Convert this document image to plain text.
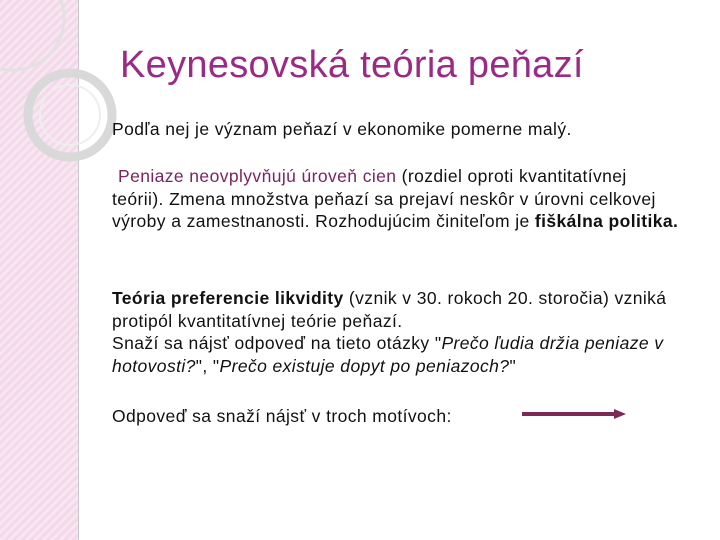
Keynesovská teória peňazí
Podľa nej je význam peňazí v ekonomike pomerne malý.
Peniaze neovplyvňujú úroveň cien (rozdiel oproti kvantitatívnej teórii). Zmena množstva peňazí sa prejaví neskôr v úrovni celkovej výroby a zamestnanosti. Rozhodujúcim činiteľom je fiškálna politika.
Teória preferencie likvidity (vznik v 30. rokoch 20. storočia) vzniká protipól kvantitatívnej teórie peňazí.
Snaží sa nájsť odpoveď na tieto otázky "Prečo ľudia držia peniaze v hotovosti?", "Prečo existuje dopyt po peniazoch?"
Odpoveď sa snaží nájsť v troch motívoch:
